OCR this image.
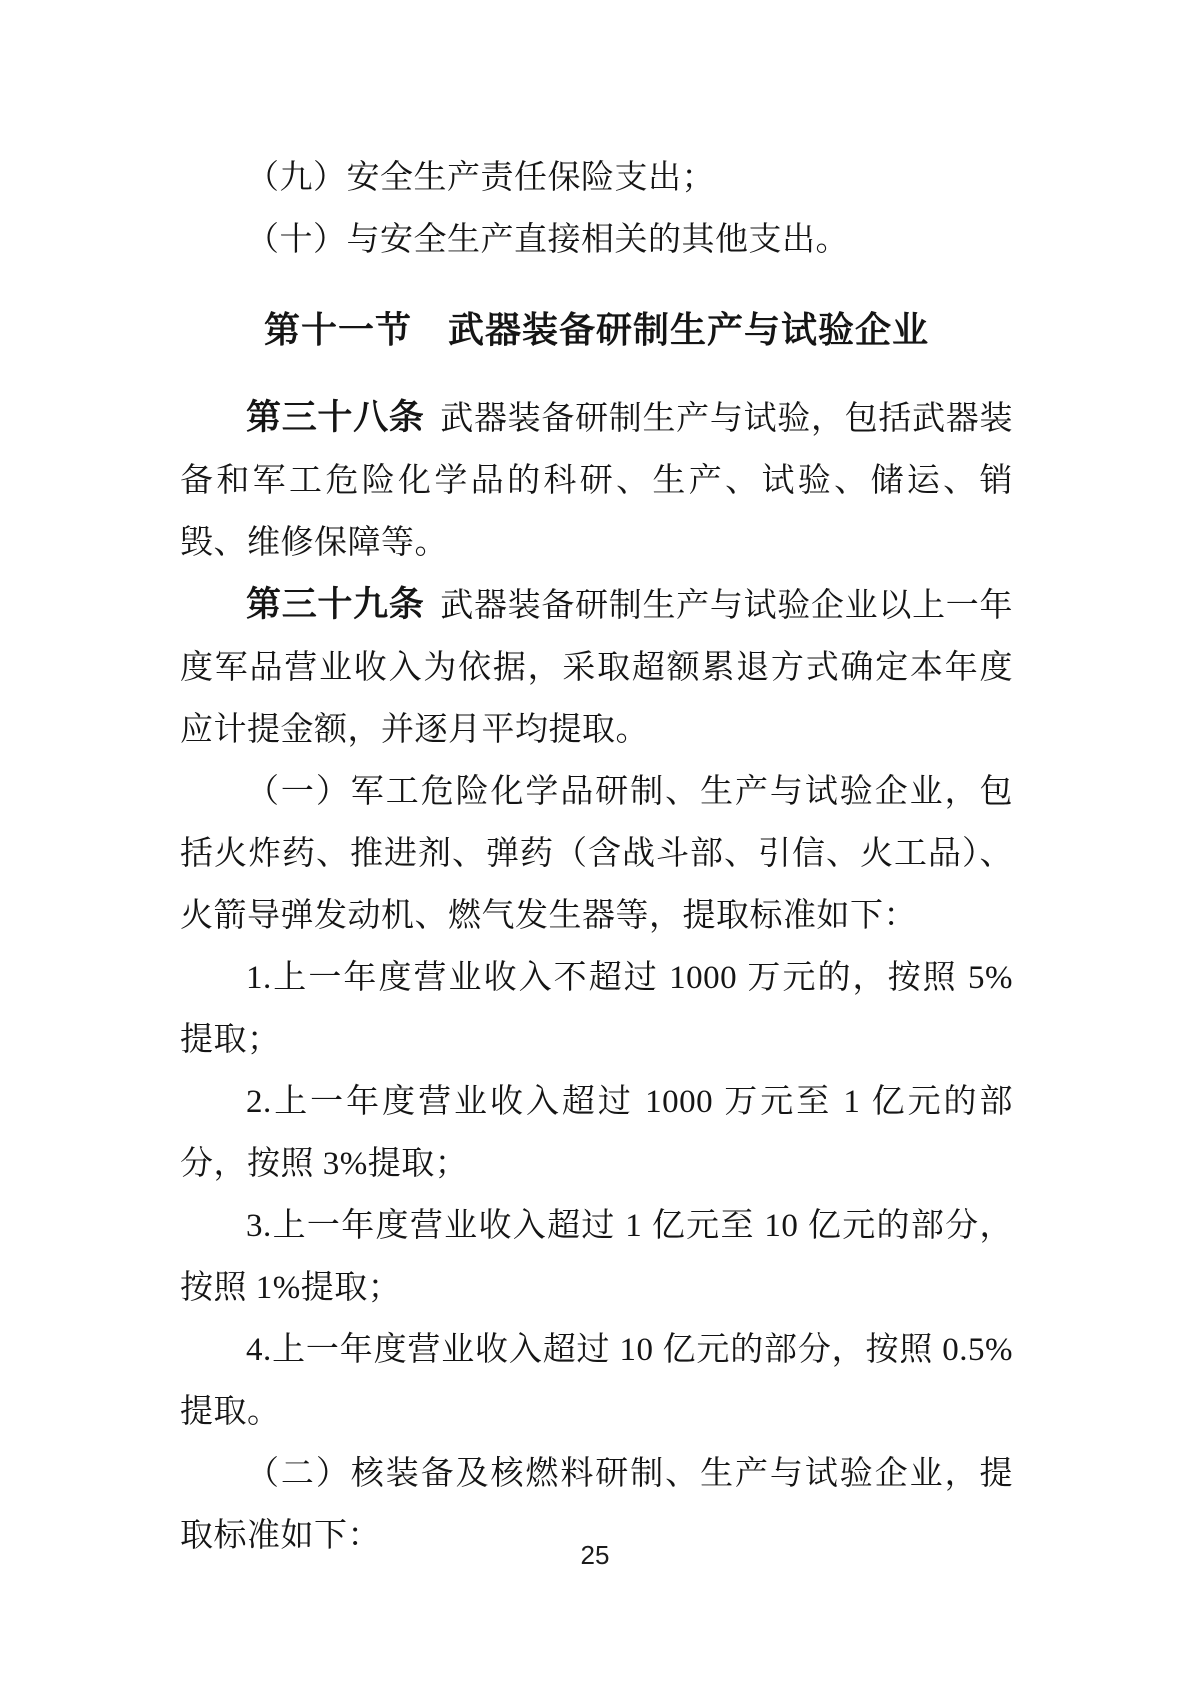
（九）安全生产责任保险支出；

（十）与安全生产直接相关的其他支出。

第十一节 武器装备研制生产与试验企业

第三十八条 武器装备研制生产与试验，包括武器装备和军工危险化学品的科研、生产、试验、储运、销毁、维修保障等。

第三十九条 武器装备研制生产与试验企业以上一年度军品营业收入为依据，采取超额累退方式确定本年度应计提金额，并逐月平均提取。

（一）军工危险化学品研制、生产与试验企业，包括火炸药、推进剂、弹药（含战斗部、引信、火工品）、火箭导弹发动机、燃气发生器等，提取标准如下：

1.上一年度营业收入不超过 1000 万元的，按照 5%提取；

2.上一年度营业收入超过 1000 万元至 1 亿元的部分，按照 3%提取；

3.上一年度营业收入超过 1 亿元至 10 亿元的部分，按照 1%提取；

4.上一年度营业收入超过 10 亿元的部分，按照 0.5%提取。

（二）核装备及核燃料研制、生产与试验企业，提取标准如下：

25
